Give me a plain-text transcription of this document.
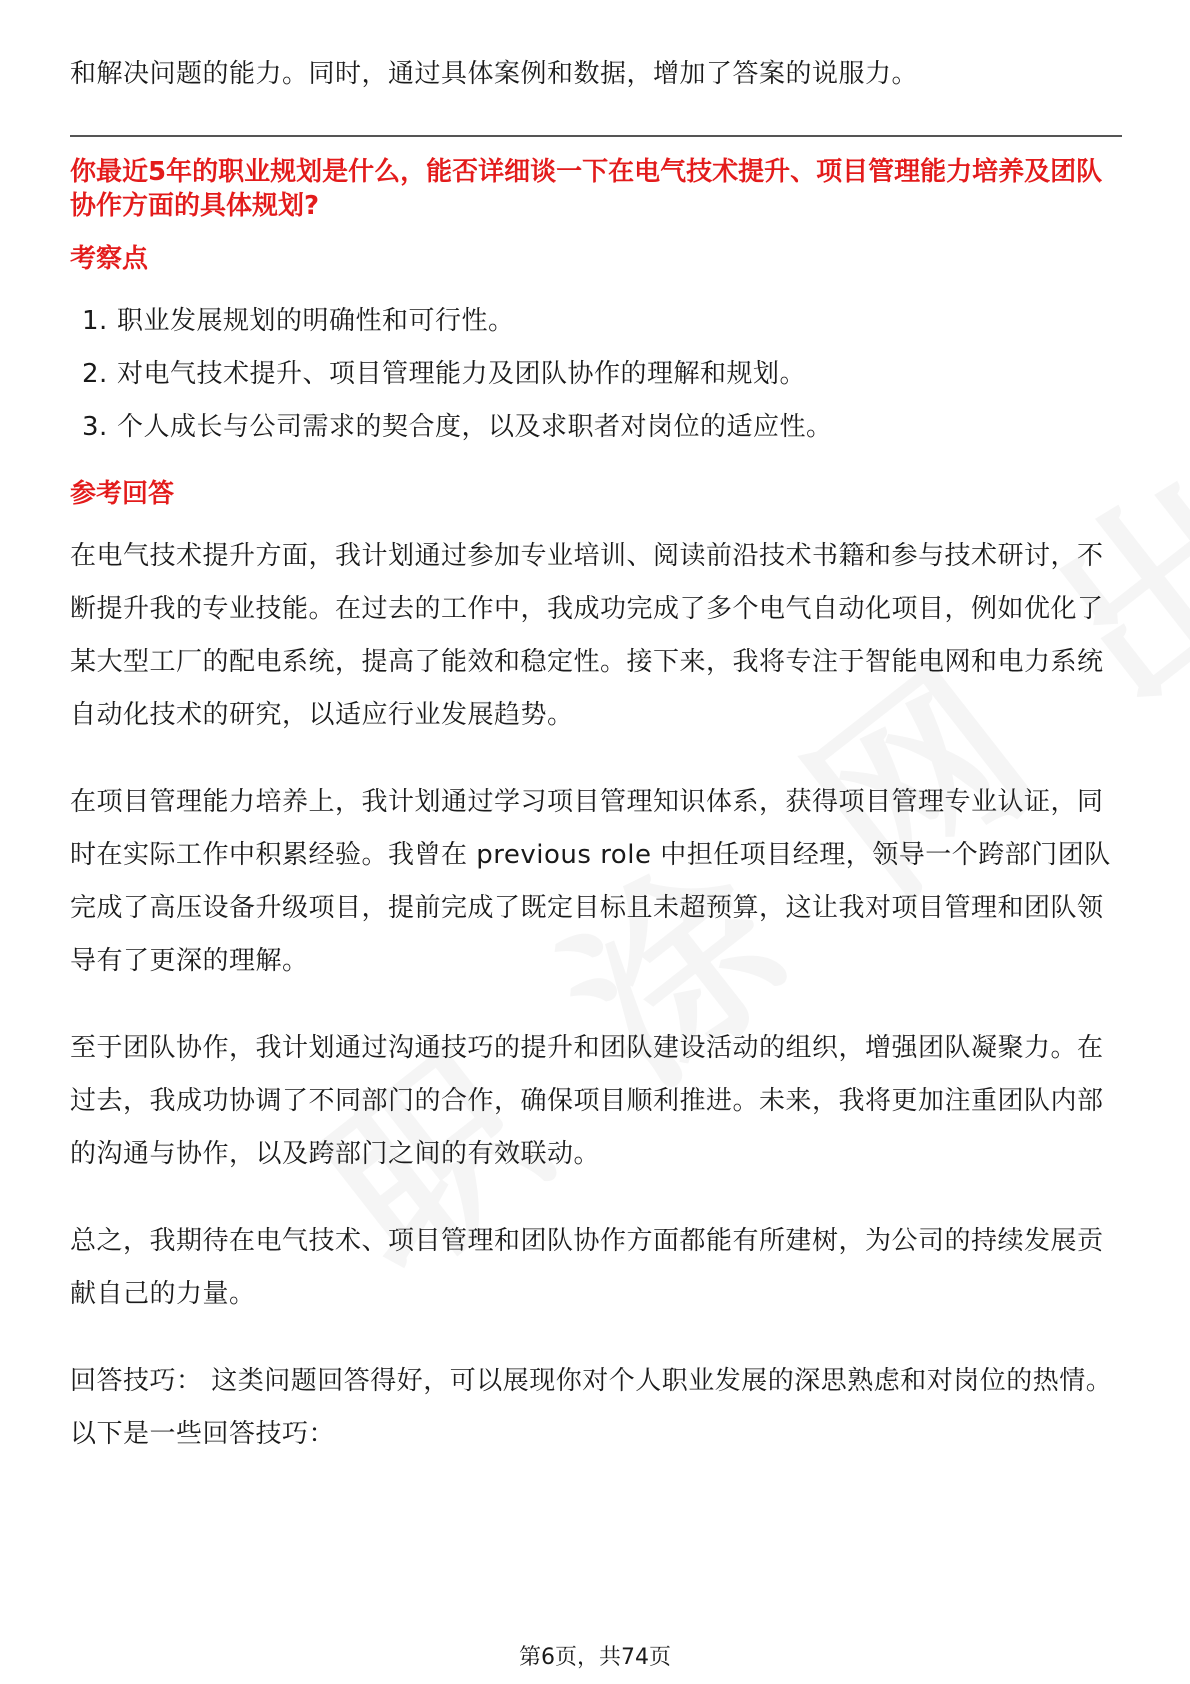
和解决问题的能力。同时，通过具体案例和数据，增加了答案的说服力。

你最近5年的职业规划是什么，能否详细谈一下在电气技术提升、项目管理能力培养及团队协作方面的具体规划?

考察点
1. 职业发展规划的明确性和可行性。
2. 对电气技术提升、项目管理能力及团队协作的理解和规划。
3. 个人成长与公司需求的契合度，以及求职者对岗位的适应性。
参考回答

在电气技术提升方面，我计划通过参加专业培训、阅读前沿技术书籍和参与技术研讨，不断提升我的专业技能。在过去的工作中，我成功完成了多个电气自动化项目，例如优化了某大型工厂的配电系统，提高了能效和稳定性。接下来，我将专注于智能电网和电力系统自动化技术的研究，以适应行业发展趋势。

在项目管理能力培养上，我计划通过学习项目管理知识体系，获得项目管理专业认证，同时在实际工作中积累经验。我曾在 previous role 中担任项目经理，领导一个跨部门团队完成了高压设备升级项目，提前完成了既定目标且未超预算，这让我对项目管理和团队领导有了更深的理解。

至于团队协作，我计划通过沟通技巧的提升和团队建设活动的组织，增强团队凝聚力。在过去，我成功协调了不同部门的合作，确保项目顺利推进。未来，我将更加注重团队内部的沟通与协作，以及跨部门之间的有效联动。

总之，我期待在电气技术、项目管理和团队协作方面都能有所建树，为公司的持续发展贡献自己的力量。

回答技巧： 这类问题回答得好，可以展现你对个人职业发展的深思熟虑和对岗位的热情。以下是一些回答技巧：

第6页，共74页
